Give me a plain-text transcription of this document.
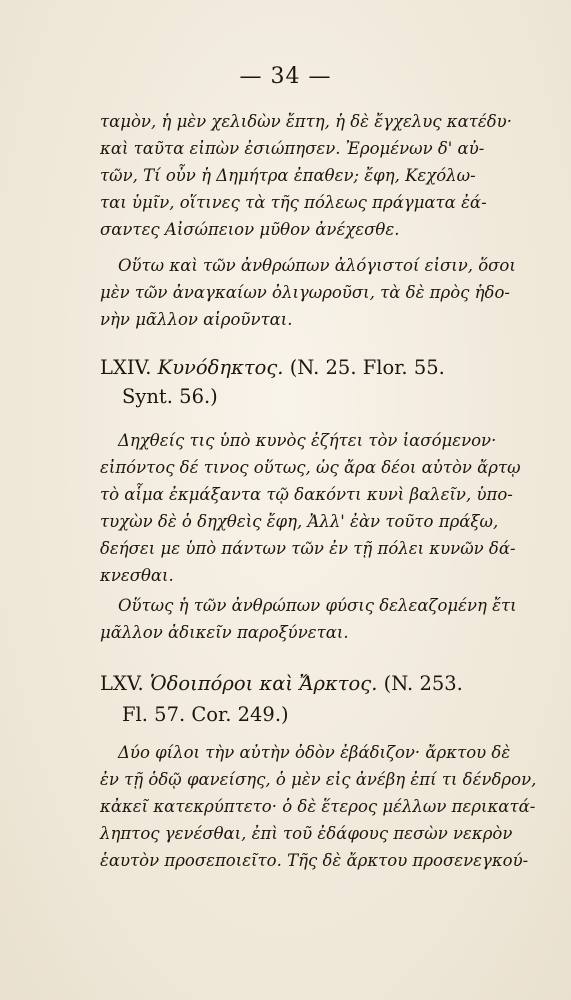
— 34 —
ταμὸν, ἡ μὲν χελιδὼν ἔπτη, ἡ δὲ ἔγχελυς κατέδυ·
καὶ ταῦτα εἰπὼν ἐσιώπησεν. Ἐρομένων δ' αὐ-
τῶν, Τί οὖν ἡ Δημήτρα ἐπαθεν; ἔφη, Κεχόλω-
ται ὑμῖν, οἵτινες τὰ τῆς πόλεως πράγματα ἐά-
σαντες Αἰσώπειον μῦθον ἀνέχεσθε.
Οὕτω καὶ τῶν ἀνθρώπων ἀλόγιστοί εἰσιν, ὅσοι
μὲν τῶν ἀναγκαίων ὀλιγωροῦσι, τὰ δὲ πρὸς ἡδο-
νὴν μᾶλλον αἱροῦνται.
LXIV. Κυνόδηκτος. (N. 25. Flor. 55.
Synt. 56.)
Δηχθείς τις ὑπὸ κυνὸς ἐζήτει τὸν ἰασόμενον·
εἰπόντος δέ τινος οὕτως, ὡς ἄρα δέοι αὐτὸν ἄρτῳ
τὸ αἷμα ἐκμάξαντα τῷ δακόντι κυνὶ βαλεῖν, ὑπο-
τυχὼν δὲ ὁ δηχθεὶς ἔφη, Ἀλλ' ἐὰν τοῦτο πράξω,
δεήσει με ὑπὸ πάντων τῶν ἐν τῇ πόλει κυνῶν δά-
κνεσθαι.
Οὕτως ἡ τῶν ἀνθρώπων φύσις δελεαζομένη ἔτι
μᾶλλον ἀδικεῖν παροξύνεται.
LXV. Ὁδοιπόροι καὶ Ἄρκτος. (N. 253.
Fl. 57. Cor. 249.)
Δύο φίλοι τὴν αὐτὴν ὁδὸν ἐβάδιζον· ἄρκτου δὲ
ἐν τῇ ὁδῷ φανείσης, ὁ μὲν εἰς ἀνέβη ἐπί τι δένδρον,
κἀκεῖ κατεκρύπτετο· ὁ δὲ ἕτερος μέλλων περικατά-
ληπτος γενέσθαι, ἐπὶ τοῦ ἐδάφους πεσὼν νεκρὸν
ἑαυτὸν προσεποιεῖτο. Τῆς δὲ ἄρκτου προσενεγκού-
